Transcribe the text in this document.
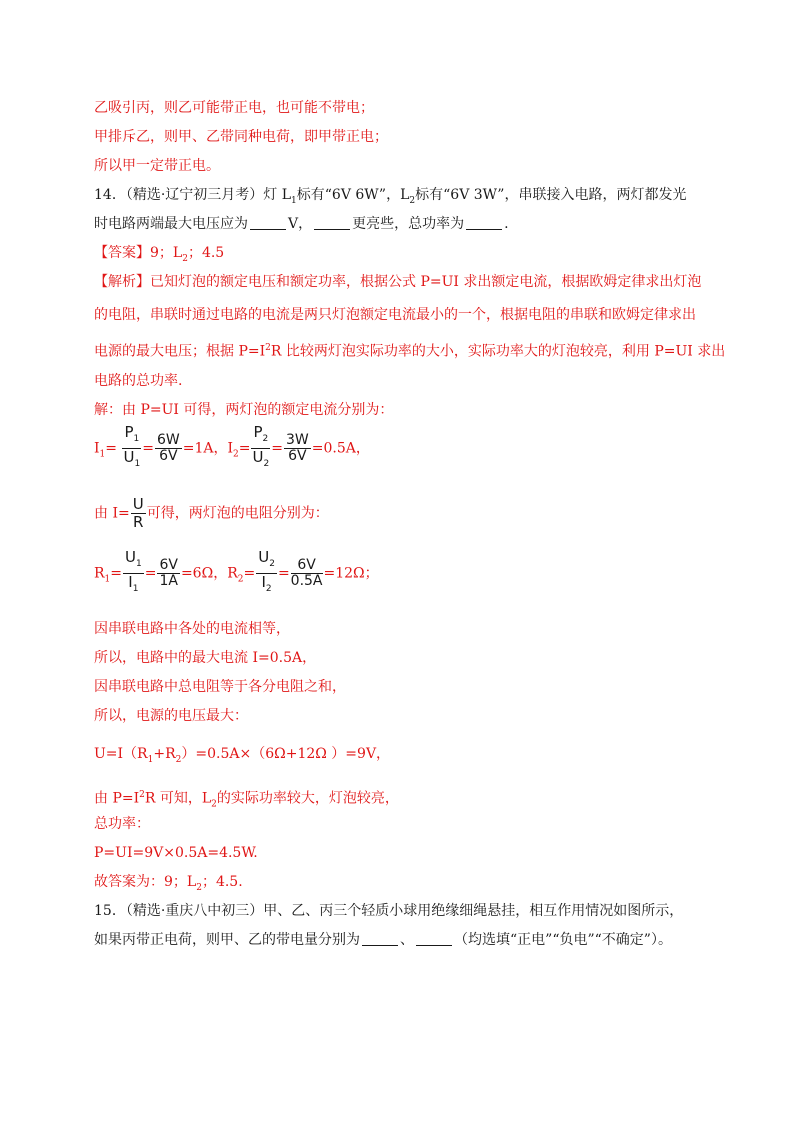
乙吸引丙，则乙可能带正电，也可能不带电；
甲排斥乙，则甲、乙带同种电荷，即甲带正电；
所以甲一定带正电。
14．（精选·辽宁初三月考）灯 $L_1$标有“6V 6W”，$L_2$标有“6V 3W”，串联接入电路，两灯都发光
时电路两端最大电压应为	V，	更亮些，总功率为	.
【答案】9；$L_2$；4.5
【解析】已知灯泡的额定电压和额定功率，根据公式 P=UI 求出额定电流，根据欧姆定律求出灯泡
的电阻，串联时通过电路的电流是两只灯泡额定电流最小的一个，根据电阻的串联和欧姆定律求出
电源的最大电压；根据 $P=I^2R$ 比较两灯泡实际功率的大小，实际功率大的灯泡较亮，利用 P=UI 求出
电路的总功率.
解：由 P=UI 可得，两灯泡的额定电流分别为：
$I_1= \frac{P_1}{U_1} = \frac{6W}{6V} =1A$，$I_2= \frac{P_2}{U_2} = \frac{3W}{6V} =0.5A$，
由 $I= \frac{U}{R}$ 可得，两灯泡的电阻分别为：
$R_1= \frac{U_1}{I_1} = \frac{6V}{1A} =6\Omega$，$R_2= \frac{U_2}{I_2} = \frac{6V}{0.5A} =12\Omega$；
因串联电路中各处的电流相等，
所以，电路中的最大电流 I=0.5A，
因串联电路中总电阻等于各分电阻之和，
所以，电源的电压最大：
$U=I(R_1+R_2)=0.5A\times(6\Omega+12\Omega$ ）=9V，
由 $P=I^2R$ 可知，$L_2$的实际功率较大，灯泡较亮，
总功率：
P=UI=9V×0.5A=4.5W.
故答案为：9；$L_2$；4.5.
15．（精选·重庆八中初三）甲、乙、丙三个轻质小球用绝缘细绳悬挂，相互作用情况如图所示，
如果丙带正电荷，则甲、乙的带电量分别为	、	（均选填“正电”“负电”“不确定”）。
